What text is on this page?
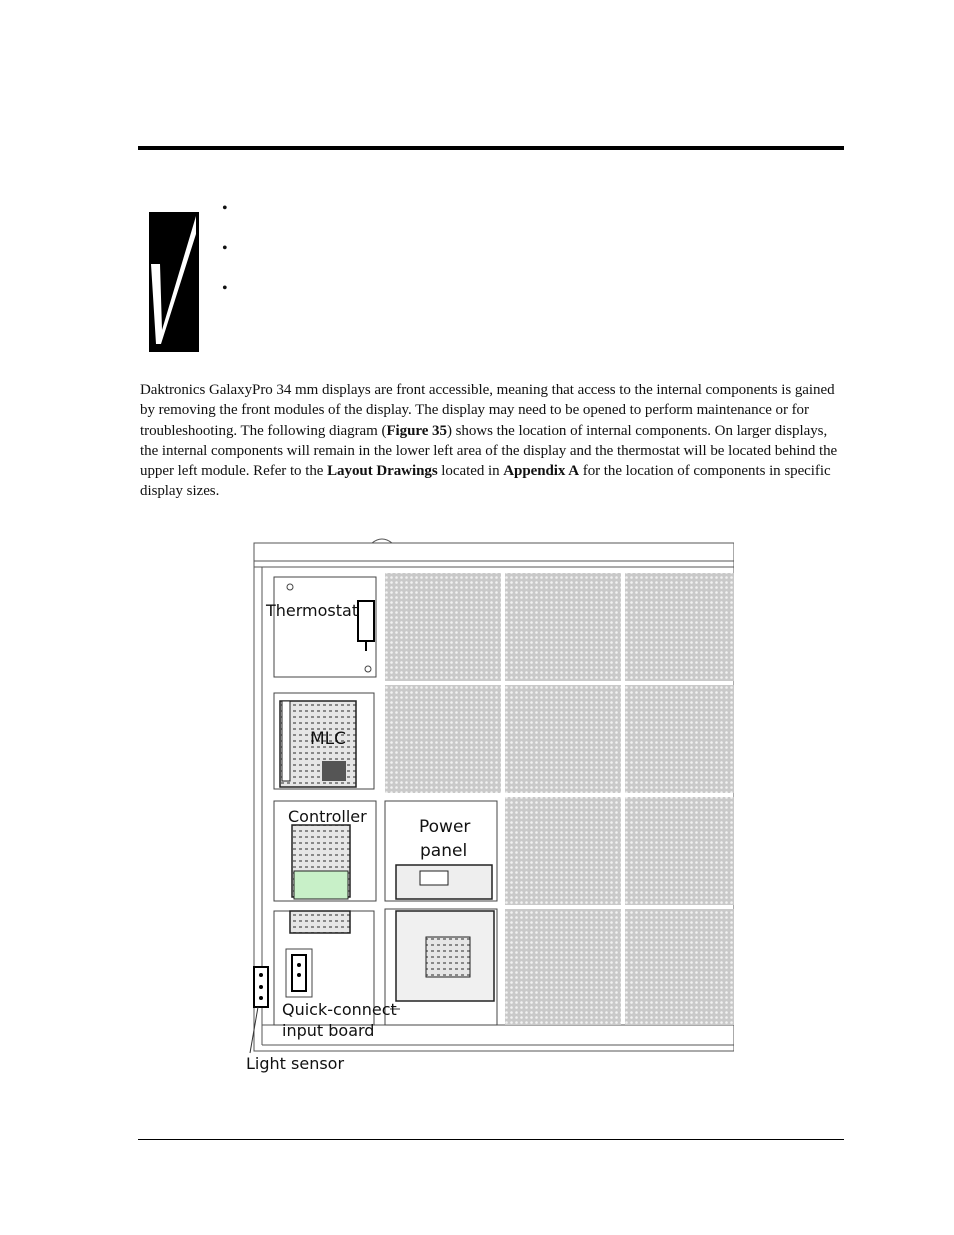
Daktronics GalaxyPro 34 mm displays are front accessible, meaning that access to the internal components is gained by removing the front modules of the display. The display may need to be opened to perform maintenance or for troubleshooting. The following diagram (Figure 35) shows the location of internal components. On larger displays, the internal components will remain in the lower left area of the display and the thermostat will be located behind the upper left module. Refer to the Layout Drawings located in Appendix A for the location of components in specific display sizes.

Thermostat
MLC
Controller
Power
panel
Quick-connect
input board
Light sensor
